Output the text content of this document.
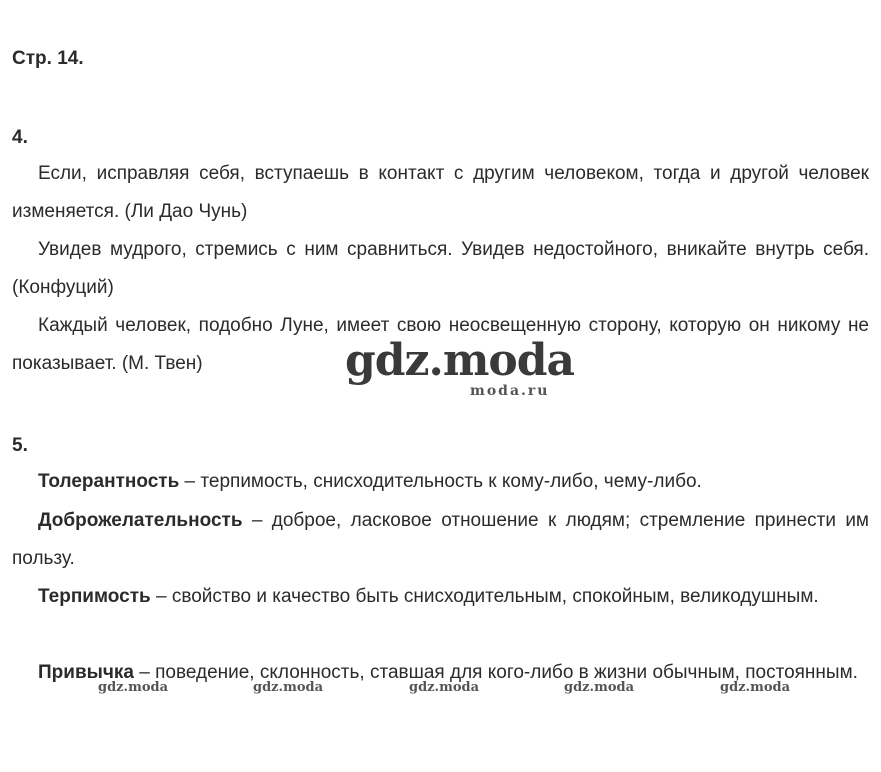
Стр. 14.
4.

Если, исправляя себя, вступаешь в контакт с другим человеком, тогда и другой человек изменяется. (Ли Дао Чунь)

Увидев мудрого, стремись с ним сравниться. Увидев недостойного, вникайте внутрь себя. (Конфуций)

Каждый человек, подобно Луне, имеет свою неосвещенную сторону, которую он никому не показывает. (М. Твен)

5.

Толерантность – терпимость, снисходительность к кому-либо, чему-либо.

Доброжелательность – доброе, ласковое отношение к людям; стремление принести им пользу.

Терпимость – свойство и качество быть снисходительным, спокойным, великодушным.

Привычка – поведение, склонность, ставшая для кого-либо в жизни обычным, постоянным.

gdz.moda
moda.ru
gdz.moda	gdz.moda	gdz.moda	gdz.moda	gdz.moda
